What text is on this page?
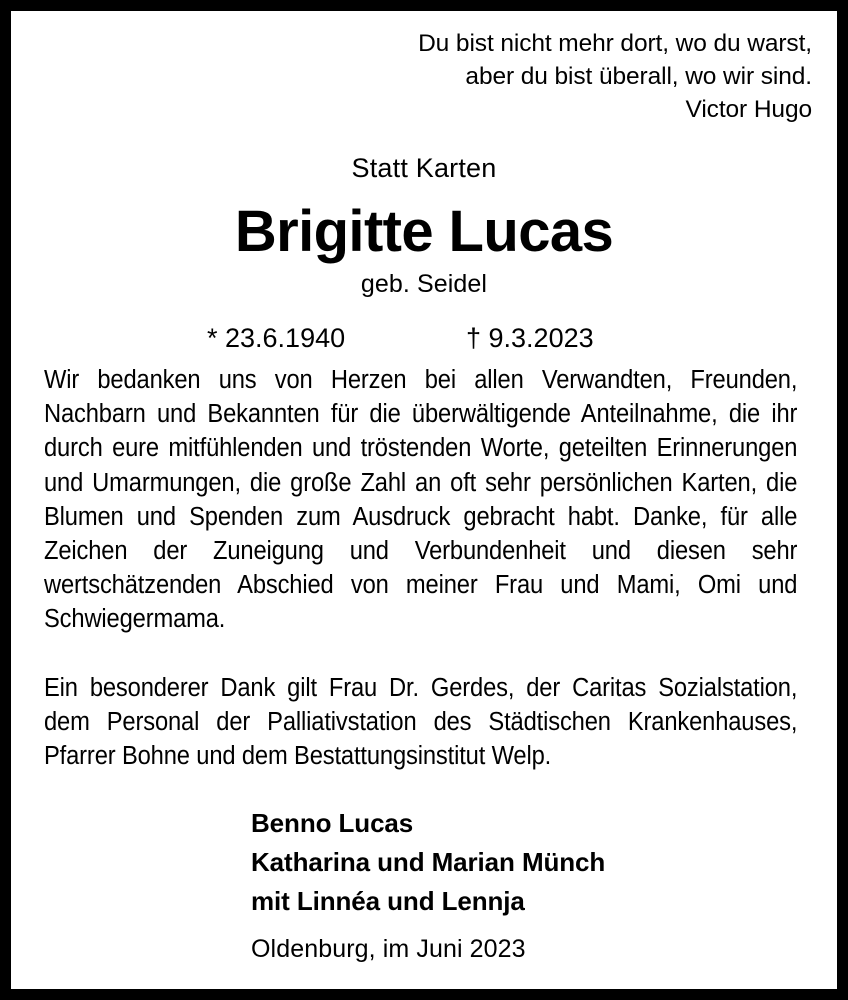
Du bist nicht mehr dort, wo du warst,
aber du bist überall, wo wir sind.
Victor Hugo
Statt Karten
Brigitte Lucas
geb. Seidel
* 23.6.1940	† 9.3.2023

Wir bedanken uns von Herzen bei allen Verwandten, Freunden, Nachbarn und Bekannten für die überwältigende Anteilnahme, die ihr durch eure mitfühlenden und tröstenden Worte, geteilten Erinnerungen und Umarmungen, die große Zahl an oft sehr persönlichen Karten, die Blumen und Spenden zum Ausdruck gebracht habt. Danke, für alle Zeichen der Zuneigung und Verbundenheit und diesen sehr wertschätzenden Abschied von meiner Frau und Mami, Omi und Schwiegermama.

Ein besonderer Dank gilt Frau Dr. Gerdes, der Caritas Sozialstation, dem Personal der Palliativstation des Städtischen Krankenhauses, Pfarrer Bohne und dem Bestattungsinstitut Welp.

Benno Lucas
Katharina und Marian Münch
mit Linnéa und Lennja
Oldenburg, im Juni 2023
